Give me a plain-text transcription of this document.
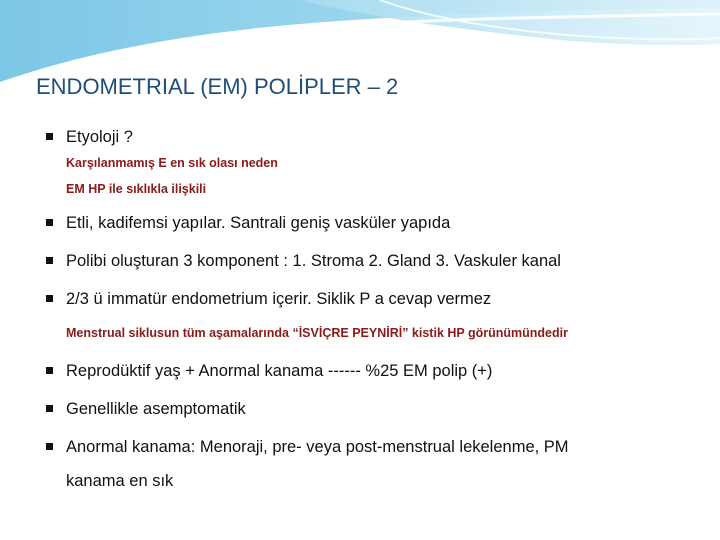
ENDOMETRIAL (EM) POLİPLER – 2
Etyoloji ?
Karşılanmamış E en sık olası neden
EM HP ile sıklıkla ilişkili
Etli, kadifemsi yapılar. Santrali geniş vasküler yapıda
Polibi oluşturan 3 komponent : 1. Stroma 2. Gland 3. Vaskuler kanal
2/3 ü immatür endometrium içerir. Siklik P a cevap vermez
Menstrual siklusun tüm aşamalarında “İSVİÇRE PEYNİRİ” kistik HP görünümündedir
Reprodüktif yaş + Anormal kanama ------ %25 EM polip (+)
Genellikle asemptomatik
Anormal kanama: Menoraji, pre- veya post-menstrual lekelenme, PM
kanama en sık
